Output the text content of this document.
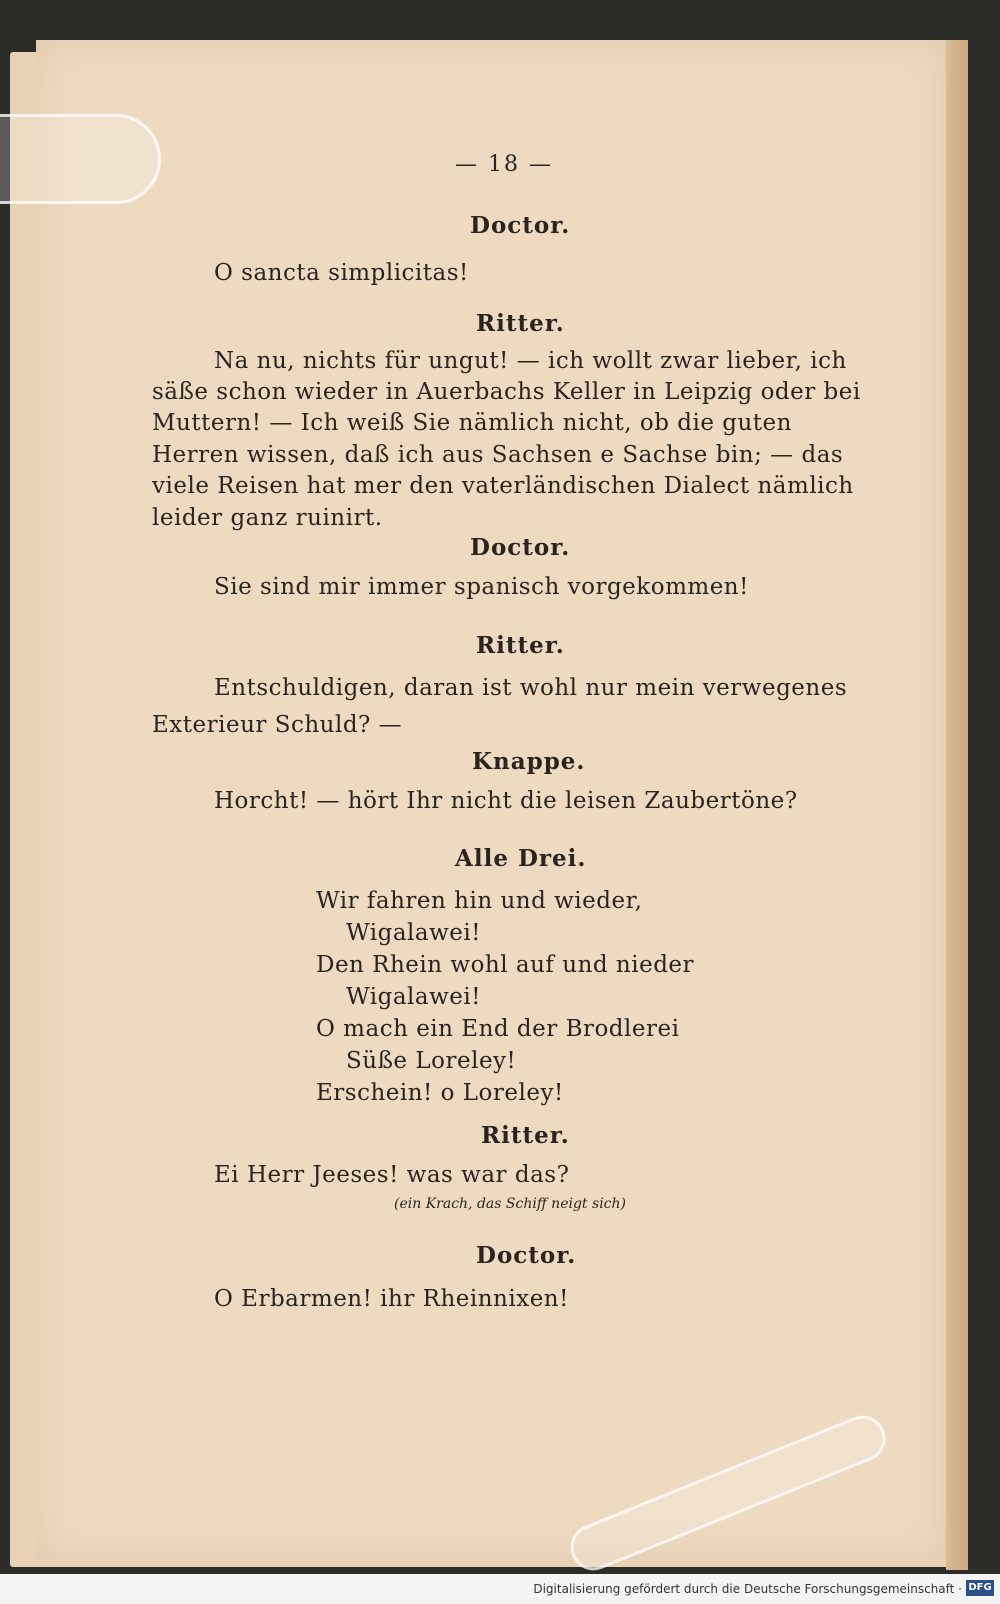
— 18 —
Doctor.
O sancta simplicitas!
Ritter.
Na nu, nichts für ungut! — ich wollt zwar lieber, ich
säße schon wieder in Auerbachs Keller in Leipzig oder bei
Muttern! — Ich weiß Sie nämlich nicht, ob die guten
Herren wissen, daß ich aus Sachsen e Sachse bin; — das
viele Reisen hat mer den vaterländischen Dialect nämlich
leider ganz ruinirt.
Doctor.
Sie sind mir immer spanisch vorgekommen!
Ritter.
Entschuldigen, daran ist wohl nur mein verwegenes
Exterieur Schuld? —
Knappe.
Horcht! — hört Ihr nicht die leisen Zaubertöne?
Alle Drei.
Wir fahren hin und wieder,
Wigalawei!
Den Rhein wohl auf und nieder
Wigalawei!
O mach ein End der Brodlerei
Süße Loreley!
Erschein! o Loreley!
Ritter.
Ei Herr Jeeses! was war das?
(ein Krach, das Schiff neigt sich)
Doctor.
O Erbarmen! ihr Rheinnixen!
Digitalisierung gefördert durch die Deutsche Forschungsgemeinschaft · DFG
